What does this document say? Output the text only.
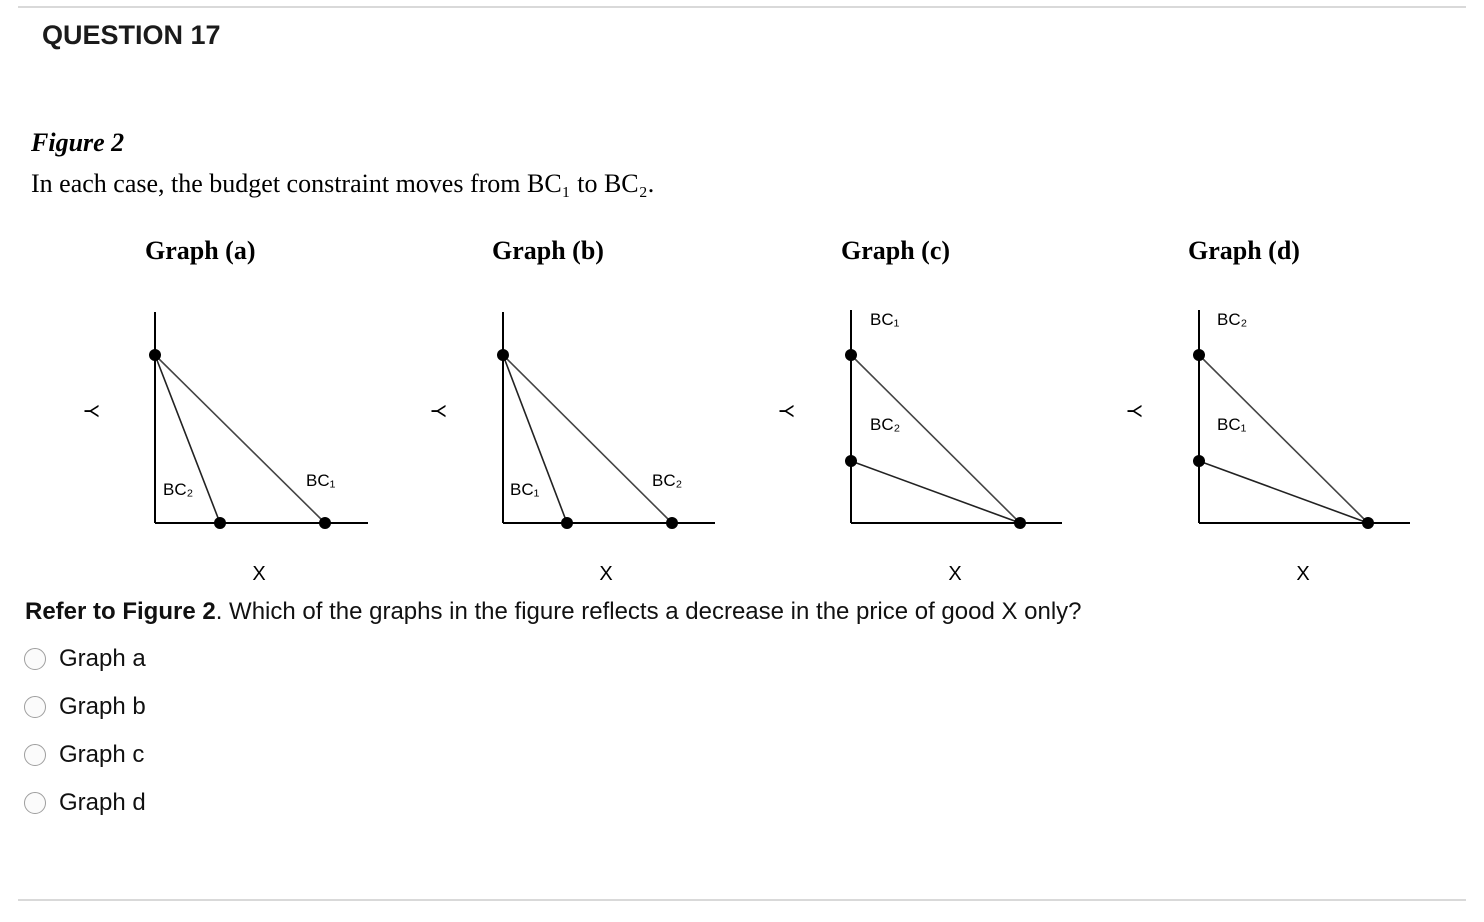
QUESTION 17
Figure 2
In each case, the budget constraint moves from BC₁ to BC₂.
Graph (a)	Graph (b)	Graph (c)	Graph (d)
Y
X
BC₂	BC₁
Y
X
BC₁	BC₂
Y
X
BC₁
BC₂
Y
X
BC₂
BC₁
Refer to Figure 2. Which of the graphs in the figure reflects a decrease in the price of good X only?
Graph a
Graph b
Graph c
Graph d
